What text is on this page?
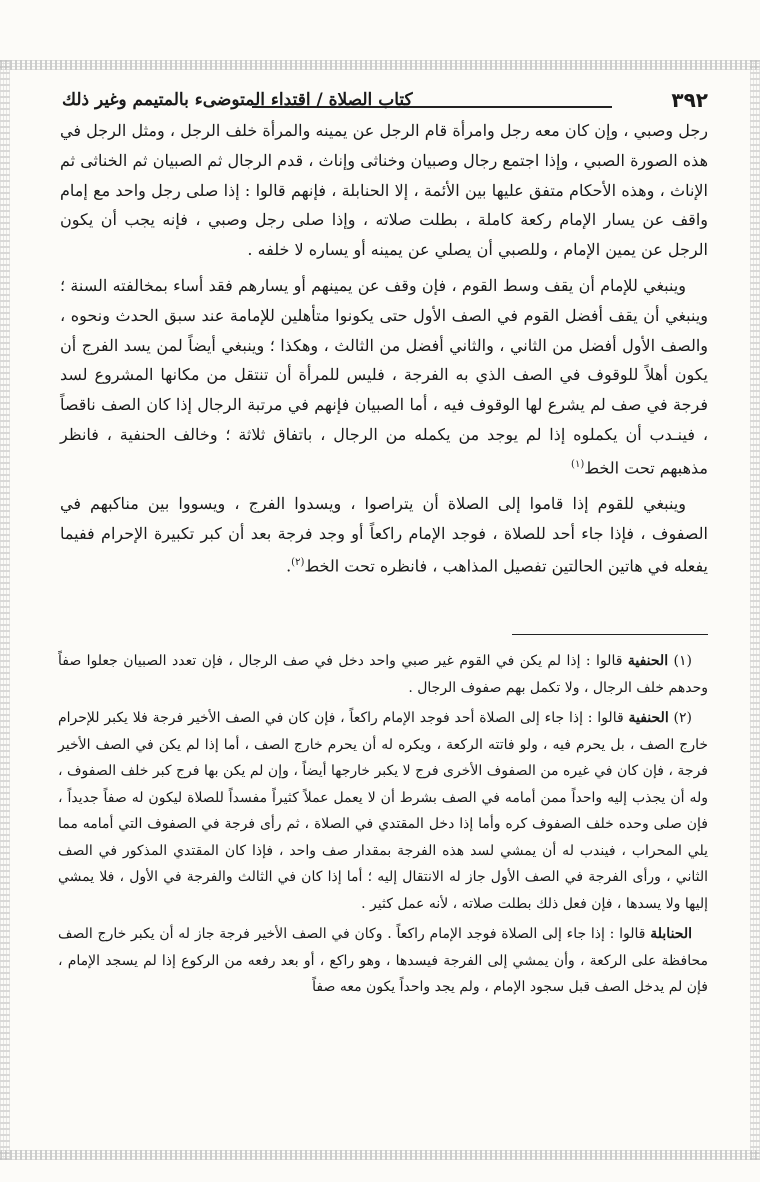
٣٩٢
كتاب الصلاة / اقتداء المتوضىء بالمتيمم وغير ذلك

رجل وصبي ، وإن كان معه رجل وامرأة قام الرجل عن يمينه والمرأة خلف الرجل ، ومثل الرجل في هذه الصورة الصبي ، وإذا اجتمع رجال وصبيان وخناثى وإناث ، قدم الرجال ثم الصبيان ثم الخناثى ثم الإناث ، وهذه الأحكام متفق عليها بين الأئمة ، إلا الحنابلة ، فإنهم قالوا : إذا صلى رجل واحد مع إمام واقف عن يسار الإمام ركعة كاملة ، بطلت صلاته ، وإذا صلى رجل وصبي ، فإنه يجب أن يكون الرجل عن يمين الإمام ، وللصبي أن يصلي عن يمينه أو يساره لا خلفه .

وينبغي للإمام أن يقف وسط القوم ، فإن وقف عن يمينهم أو يسارهم فقد أساء بمخالفته السنة ؛ وينبغي أن يقف أفضل القوم في الصف الأول حتى يكونوا متأهلين للإمامة عند سبق الحدث ونحوه ، والصف الأول أفضل من الثاني ، والثاني أفضل من الثالث ، وهكذا ؛ وينبغي أيضاً لمن يسد الفرج أن يكون أهلاً للوقوف في الصف الذي به الفرجة ، فليس للمرأة أن تنتقل من مكانها المشروع لسد فرجة في صف لم يشرع لها الوقوف فيه ، أما الصبيان فإنهم في مرتبة الرجال إذا كان الصف ناقصاً ، فينـدب أن يكملوه إذا لم يوجد من يكمله من الرجال ، باتفاق ثلاثة ؛ وخالف الحنفية ، فانظر مذهبهم تحت الخط$^{(١)}$

وينبغي للقوم إذا قاموا إلى الصلاة أن يتراصوا ، ويسدوا الفرج ، ويسووا بين مناكبهم في الصفوف ، فإذا جاء أحد للصلاة ، فوجد الإمام راكعاً أو وجد فرجة بعد أن كبر تكبيرة الإحرام ففيما يفعله في هاتين الحالتين تفصيل المذاهب ، فانظره تحت الخط$^{(٢)}$.

(١) الحنفية قالوا : إذا لم يكن في القوم غير صبي واحد دخل في صف الرجال ، فإن تعدد الصبيان جعلوا صفاً وحدهم خلف الرجال ، ولا تكمل بهم صفوف الرجال .

(٢) الحنفية قالوا : إذا جاء إلى الصلاة أحد فوجد الإمام راكعاً ، فإن كان في الصف الأخير فرجة فلا يكبر للإحرام خارج الصف ، بل يحرم فيه ، ولو فاتته الركعة ، ويكره له أن يحرم خارج الصف ، أما إذا لم يكن في الصف الأخير فرجة ، فإن كان في غيره من الصفوف الأخرى فرج لا يكبر خارجها أيضاً ، وإن لم يكن بها فرج كبر خلف الصفوف ، وله أن يجذب إليه واحداً ممن أمامه في الصف بشرط أن لا يعمل عملاً كثيراً مفسداً للصلاة ليكون له صفاً جديداً ، فإن صلى وحده خلف الصفوف كره وأما إذا دخل المقتدي في الصلاة ، ثم رأى فرجة في الصفوف التي أمامه مما يلي المحراب ، فيندب له أن يمشي لسد هذه الفرجة بمقدار صف واحد ، فإذا كان المقتدي المذكور في الصف الثاني ، ورأى الفرجة في الصف الأول جاز له الانتقال إليه ؛ أما إذا كان في الثالث والفرجة في الأول ، فلا يمشي إليها ولا يسدها ، فإن فعل ذلك بطلت صلاته ، لأنه عمل كثير .

الحنابلة قالوا : إذا جاء إلى الصلاة فوجد الإمام راكعاً . وكان في الصف الأخير فرجة جاز له أن يكبر خارج الصف محافظة على الركعة ، وأن يمشي إلى الفرجة فيسدها ، وهو راكع ، أو بعد رفعه من الركوع إذا لم يسجد الإمام ، فإن لم يدخل الصف قبل سجود الإمام ، ولم يجد واحداً يكون معه صفاً
